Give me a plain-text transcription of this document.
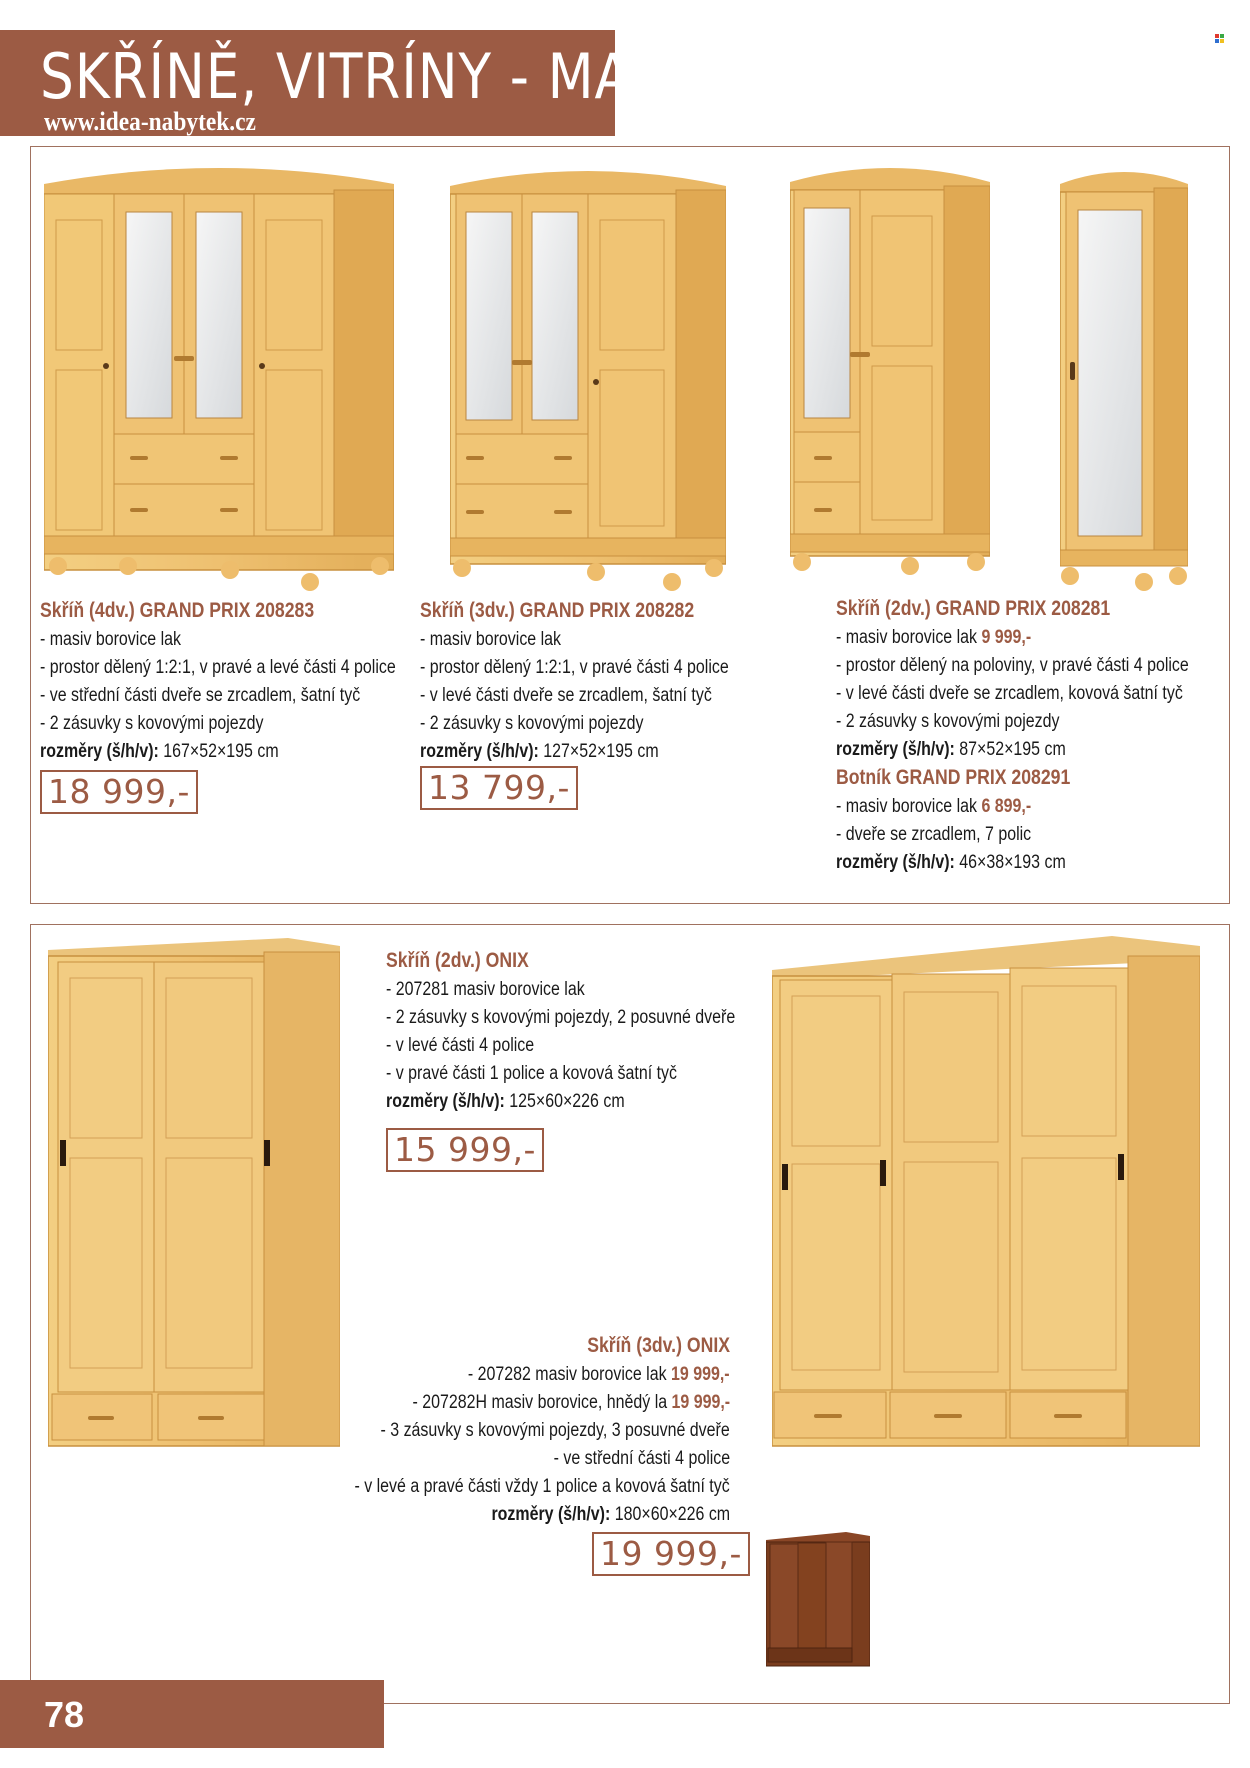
SKŘÍNĚ, VITRÍNY - MASIV
www.idea-nabytek.cz
Skříň (4dv.) GRAND PRIX 208283
- masiv borovice lak
- prostor dělený 1:2:1, v pravé a levé části 4 police
- ve střední části dveře se zrcadlem, šatní tyč
- 2 zásuvky s kovovými pojezdy
rozměry (š/h/v): 167×52×195 cm
18 999,-
Skříň (3dv.) GRAND PRIX 208282
- masiv borovice lak
- prostor dělený 1:2:1, v pravé části 4 police
- v levé části dveře se zrcadlem, šatní tyč
- 2 zásuvky s kovovými pojezdy
rozměry (š/h/v): 127×52×195 cm
13 799,-
Skříň (2dv.) GRAND PRIX 208281
- masiv borovice lak 9 999,-
- prostor dělený na poloviny, v pravé části 4 police
- v levé části dveře se zrcadlem, kovová šatní tyč
- 2 zásuvky s kovovými pojezdy
rozměry (š/h/v): 87×52×195 cm
Botník GRAND PRIX 208291
- masiv borovice lak 6 899,-
- dveře se zrcadlem, 7 polic
rozměry (š/h/v): 46×38×193 cm
Skříň (2dv.) ONIX
- 207281 masiv borovice lak
- 2 zásuvky s kovovými pojezdy, 2 posuvné dveře
- v levé části 4 police
- v pravé části 1 police a kovová šatní tyč
rozměry (š/h/v): 125×60×226 cm
15 999,-
Skříň (3dv.) ONIX
- 207282 masiv borovice lak 19 999,-
- 207282H masiv borovice, hnědý la 19 999,-
- 3 zásuvky s kovovými pojezdy, 3 posuvné dveře
- ve střední části 4 police
- v levé a pravé části vždy 1 police a kovová šatní tyč
rozměry (š/h/v): 180×60×226 cm
19 999,-
78
